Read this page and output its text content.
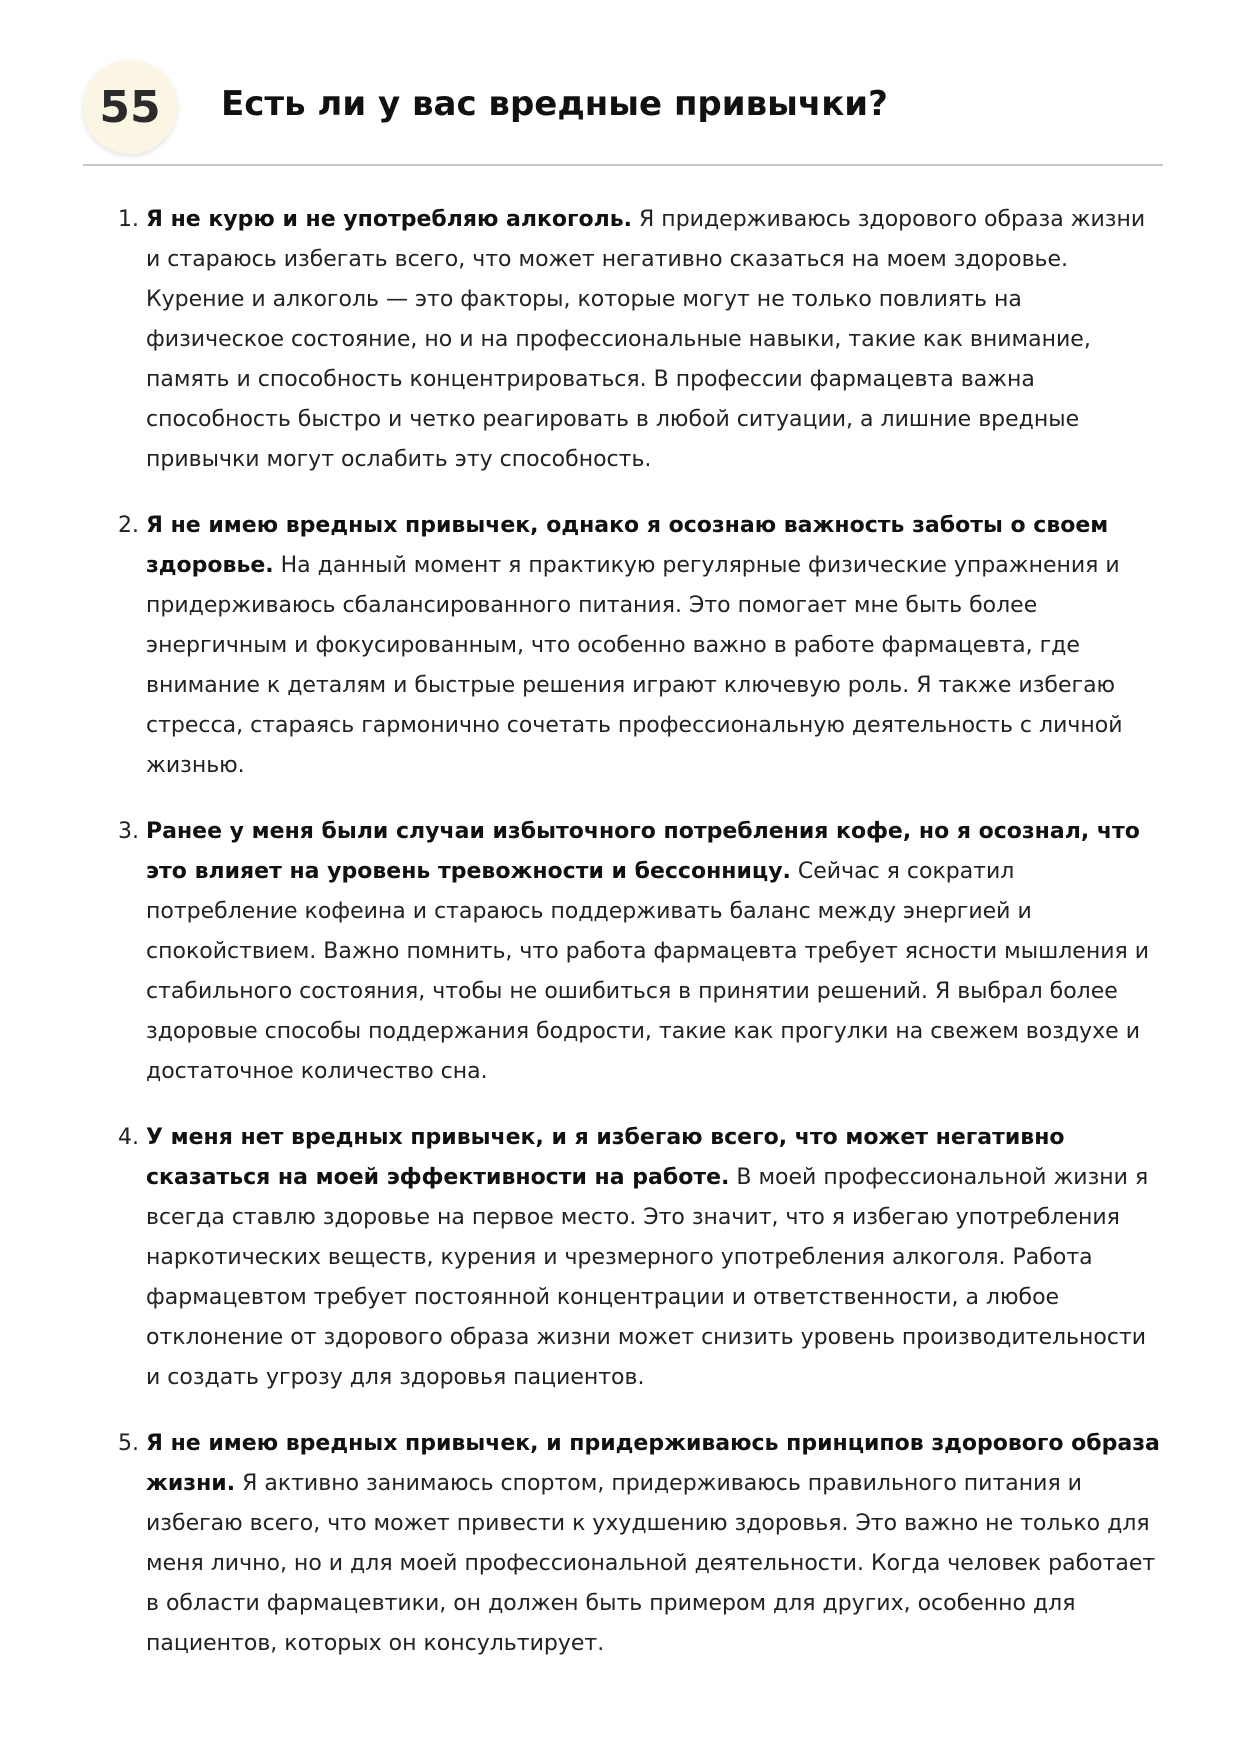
55	Есть ли у вас вредные привычки?
1. Я не курю и не употребляю алкоголь. Я придерживаюсь здорового образа жизни и стараюсь избегать всего, что может негативно сказаться на моем здоровье. Курение и алкоголь — это факторы, которые могут не только повлиять на физическое состояние, но и на профессиональные навыки, такие как внимание, память и способность концентрироваться. В профессии фармацевта важна способность быстро и четко реагировать в любой ситуации, а лишние вредные привычки могут ослабить эту способность.
2. Я не имею вредных привычек, однако я осознаю важность заботы о своем здоровье. На данный момент я практикую регулярные физические упражнения и придерживаюсь сбалансированного питания. Это помогает мне быть более энергичным и фокусированным, что особенно важно в работе фармацевта, где внимание к деталям и быстрые решения играют ключевую роль. Я также избегаю стресса, стараясь гармонично сочетать профессиональную деятельность с личной жизнью.
3. Ранее у меня были случаи избыточного потребления кофе, но я осознал, что это влияет на уровень тревожности и бессонницу. Сейчас я сократил потребление кофеина и стараюсь поддерживать баланс между энергией и спокойствием. Важно помнить, что работа фармацевта требует ясности мышления и стабильного состояния, чтобы не ошибиться в принятии решений. Я выбрал более здоровые способы поддержания бодрости, такие как прогулки на свежем воздухе и достаточное количество сна.
4. У меня нет вредных привычек, и я избегаю всего, что может негативно сказаться на моей эффективности на работе. В моей профессиональной жизни я всегда ставлю здоровье на первое место. Это значит, что я избегаю употребления наркотических веществ, курения и чрезмерного употребления алкоголя. Работа фармацевтом требует постоянной концентрации и ответственности, а любое отклонение от здорового образа жизни может снизить уровень производительности и создать угрозу для здоровья пациентов.
5. Я не имею вредных привычек, и придерживаюсь принципов здорового образа жизни. Я активно занимаюсь спортом, придерживаюсь правильного питания и избегаю всего, что может привести к ухудшению здоровья. Это важно не только для меня лично, но и для моей профессиональной деятельности. Когда человек работает в области фармацевтики, он должен быть примером для других, особенно для пациентов, которых он консультирует.
